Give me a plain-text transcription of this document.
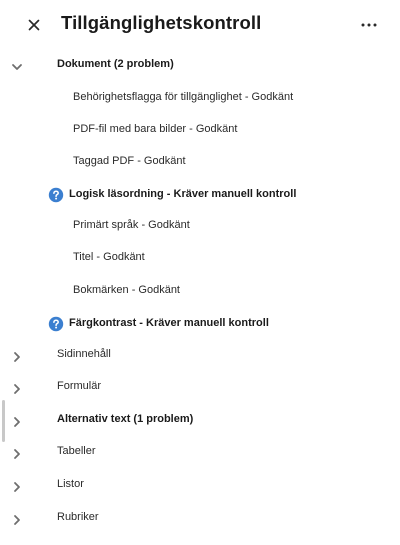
Tillgänglighetskontroll
Dokument (2 problem)
Behörighetsflagga för tillgänglighet - Godkänt
PDF-fil med bara bilder - Godkänt
Taggad PDF - Godkänt
Logisk läsordning - Kräver manuell kontroll
Primärt språk - Godkänt
Titel - Godkänt
Bokmärken - Godkänt
Färgkontrast - Kräver manuell kontroll
Sidinnehåll
Formulär
Alternativ text (1 problem)
Tabeller
Listor
Rubriker
